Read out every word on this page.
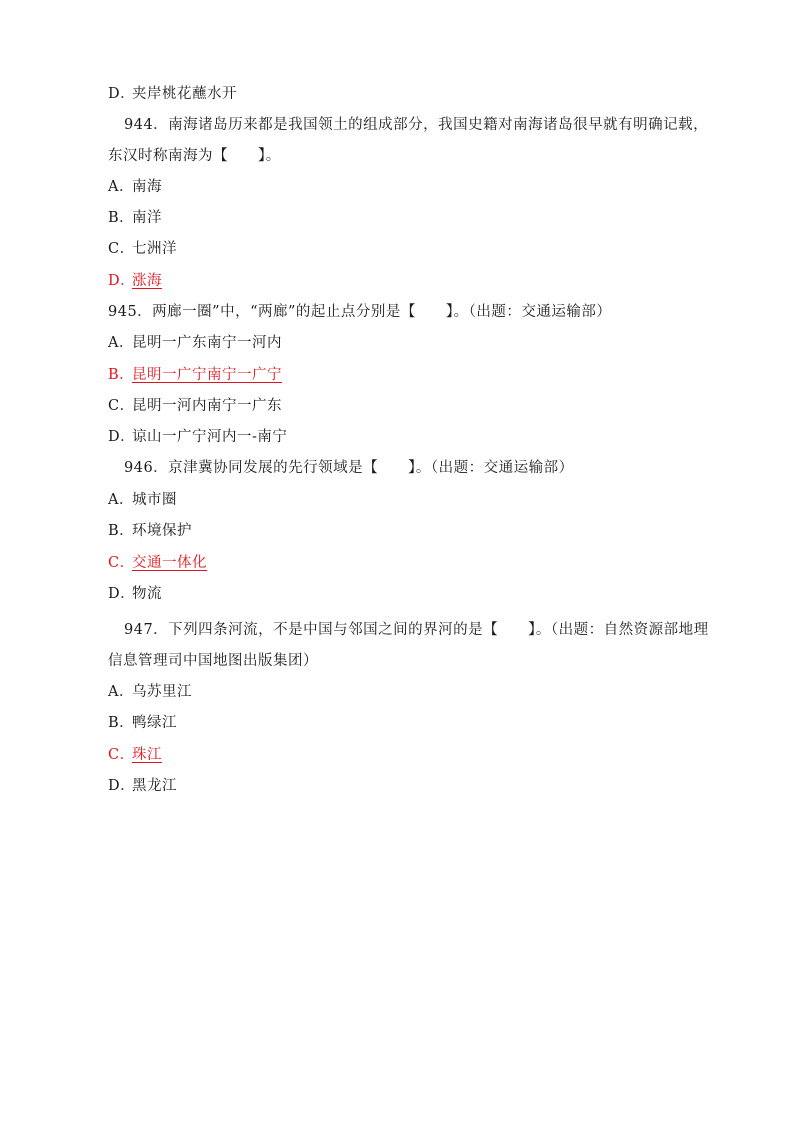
D．夹岸桃花蘸水开
944．南海诸岛历来都是我国领土的组成部分，我国史籍对南海诸岛很早就有明确记载，
东汉时称南海为【　　】。
A．南海
B．南洋
C．七洲洋
D．涨海
945．两廊一圈”中，“两廊”的起止点分别是【　　】。（出题：交通运输部）
A．昆明一广东南宁一河内
B．昆明一广宁南宁一广宁
C．昆明一河内南宁一广东
D．谅山一广宁河内一-南宁
946．京津冀协同发展的先行领域是【　　】。（出题：交通运输部）
A．城市圈
B．环境保护
C．交通一体化
D．物流
947．下列四条河流，不是中国与邻国之间的界河的是【　　】。（出题：自然资源部地理
信息管理司中国地图出版集团）
A．乌苏里江
B．鸭绿江
C．珠江
D．黑龙江
